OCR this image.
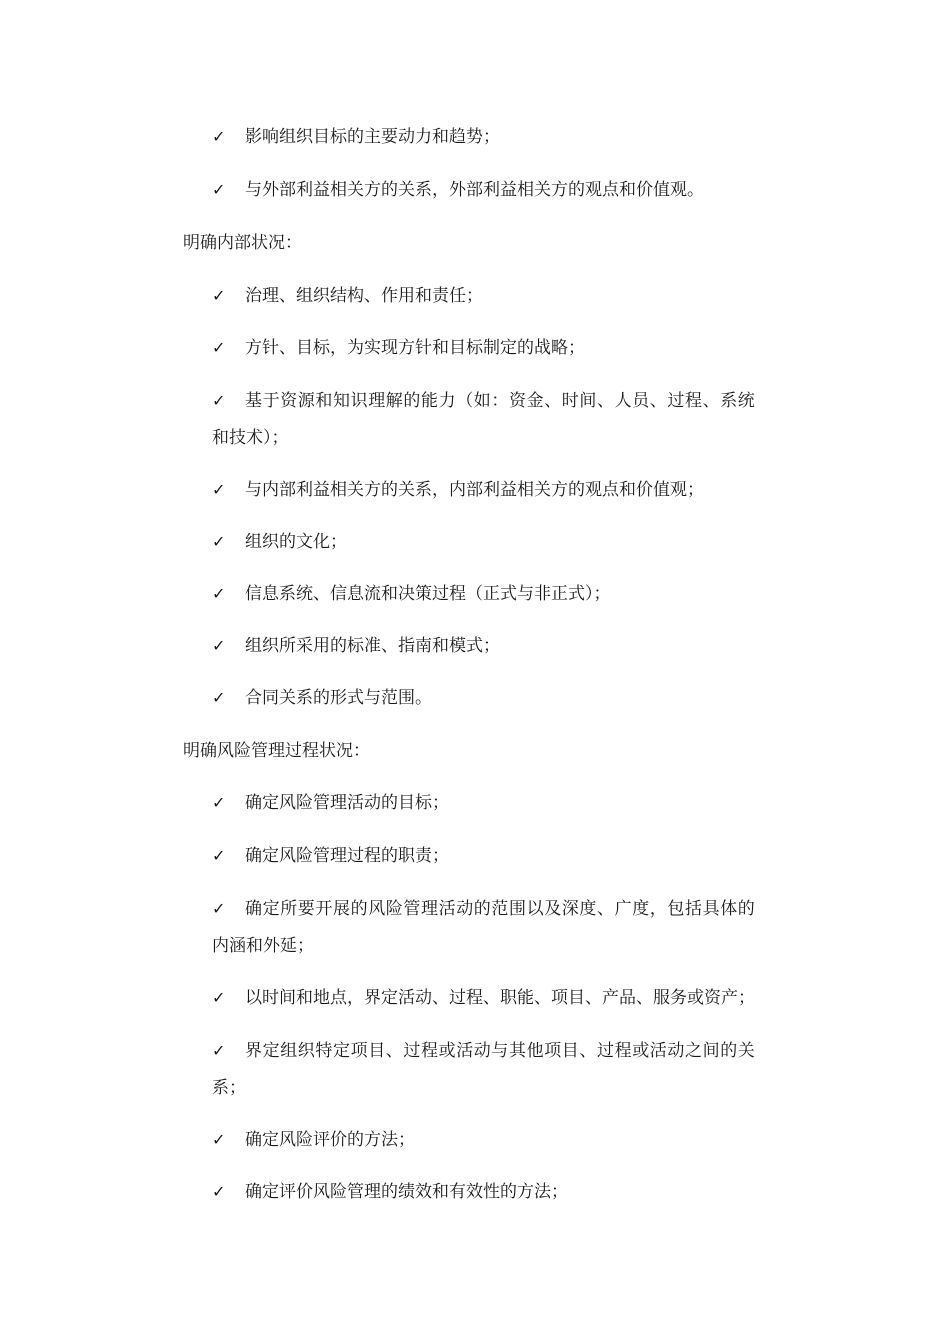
✓ 影响组织目标的主要动力和趋势；
✓ 与外部利益相关方的关系，外部利益相关方的观点和价值观。
明确内部状况：
✓ 治理、组织结构、作用和责任；
✓ 方针、目标，为实现方针和目标制定的战略；
✓ 基于资源和知识理解的能力（如：资金、时间、人员、过程、系统
和技术）；
✓ 与内部利益相关方的关系，内部利益相关方的观点和价值观；
✓ 组织的文化；
✓ 信息系统、信息流和决策过程（正式与非正式）；
✓ 组织所采用的标准、指南和模式；
✓ 合同关系的形式与范围。
明确风险管理过程状况：
✓ 确定风险管理活动的目标；
✓ 确定风险管理过程的职责；
✓ 确定所要开展的风险管理活动的范围以及深度、广度，包括具体的
内涵和外延；
✓ 以时间和地点，界定活动、过程、职能、项目、产品、服务或资产；
✓ 界定组织特定项目、过程或活动与其他项目、过程或活动之间的关
系；
✓ 确定风险评价的方法；
✓ 确定评价风险管理的绩效和有效性的方法；
